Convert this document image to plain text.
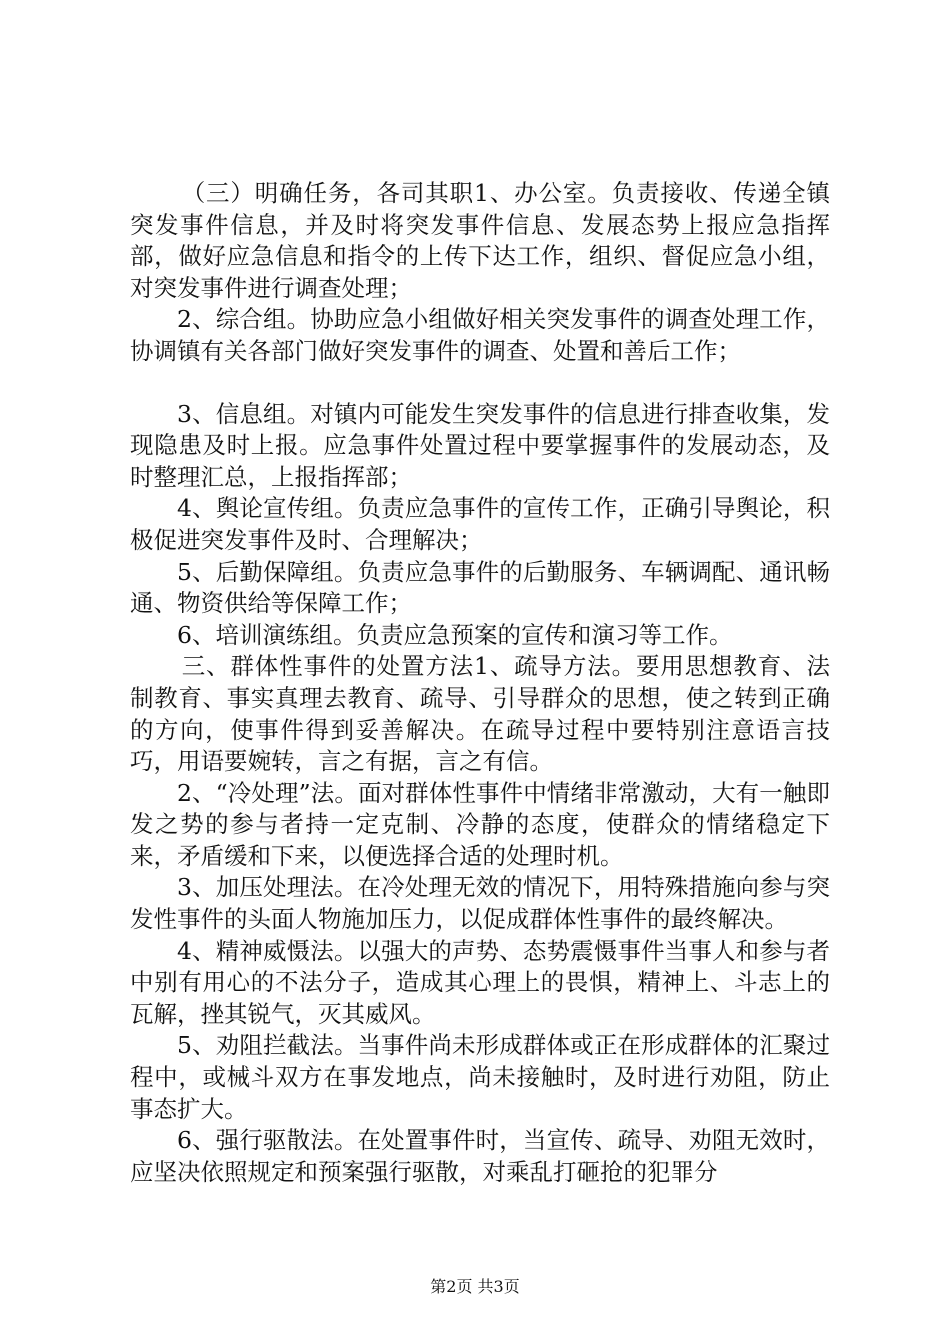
（三）明确任务，各司其职1、办公室。负责接收、传递全镇突发事件信息，并及时将突发事件信息、发展态势上报应急指挥部，做好应急信息和指令的上传下达工作，组织、督促应急小组，对突发事件进行调查处理；

2、综合组。协助应急小组做好相关突发事件的调查处理工作，协调镇有关各部门做好突发事件的调查、处置和善后工作；

3、信息组。对镇内可能发生突发事件的信息进行排查收集，发现隐患及时上报。应急事件处置过程中要掌握事件的发展动态，及时整理汇总，上报指挥部；

4、舆论宣传组。负责应急事件的宣传工作，正确引导舆论，积极促进突发事件及时、合理解决；

5、后勤保障组。负责应急事件的后勤服务、车辆调配、通讯畅通、物资供给等保障工作；

6、培训演练组。负责应急预案的宣传和演习等工作。

三、群体性事件的处置方法1、疏导方法。要用思想教育、法制教育、事实真理去教育、疏导、引导群众的思想，使之转到正确的方向，使事件得到妥善解决。在疏导过程中要特别注意语言技巧，用语要婉转，言之有据，言之有信。

2、“冷处理”法。面对群体性事件中情绪非常激动，大有一触即发之势的参与者持一定克制、冷静的态度，使群众的情绪稳定下来，矛盾缓和下来，以便选择合适的处理时机。

3、加压处理法。在冷处理无效的情况下，用特殊措施向参与突发性事件的头面人物施加压力，以促成群体性事件的最终解决。

4、精神威慑法。以强大的声势、态势震慑事件当事人和参与者中别有用心的不法分子，造成其心理上的畏惧，精神上、斗志上的瓦解，挫其锐气，灭其威风。

5、劝阻拦截法。当事件尚未形成群体或正在形成群体的汇聚过程中，或械斗双方在事发地点，尚未接触时，及时进行劝阻，防止事态扩大。

6、强行驱散法。在处置事件时，当宣传、疏导、劝阻无效时，应坚决依照规定和预案强行驱散，对乘乱打砸抢的犯罪分

第2页 共3页
